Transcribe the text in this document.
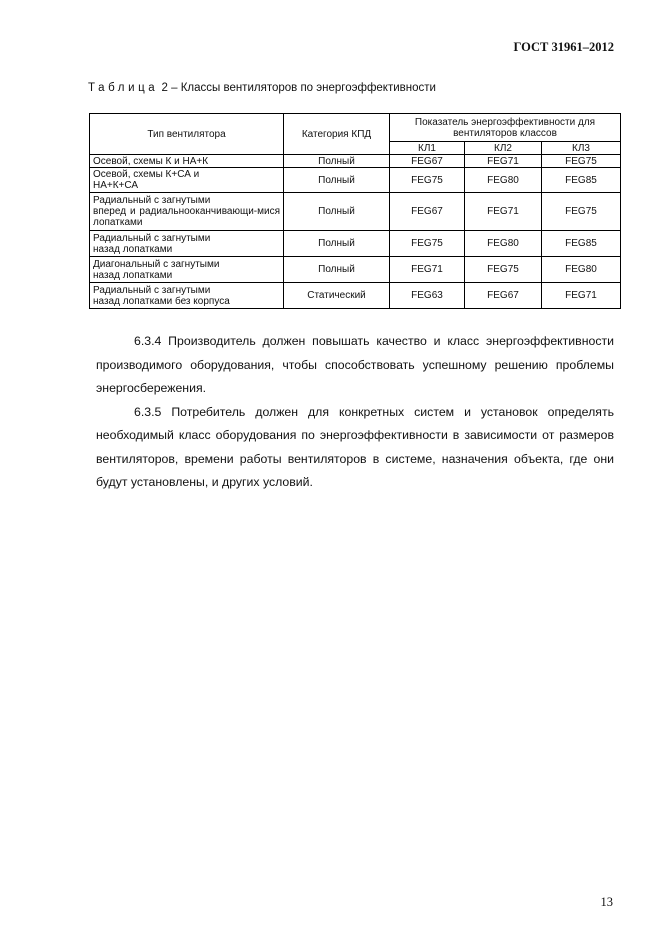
ГОСТ 31961–2012
Таблица 2 – Классы вентиляторов по энергоэффективности
Тип вентилятора	Категория КПД	Показатель энергоэффективности для вентиляторов классов		
		КЛ1	КЛ2	КЛ3

Осевой, схемы К и НА+К	Полный	FEG67	FEG71	FEG75

Осевой, схемы К+СА и
НА+К+СА	Полный	FEG75	FEG80	FEG85

Радиальный с загнутыми
вперед и радиальнооканчивающи-мися лопатками	Полный	FEG67	FEG71	FEG75

Радиальный с загнутыми
назад лопатками	Полный	FEG75	FEG80	FEG85

Диагональный с загнутыми
назад лопатками	Полный	FEG71	FEG75	FEG80

Радиальный с загнутыми
назад лопатками без корпуса	Статический	FEG63	FEG67	FEG71

6.3.4 Производитель должен повышать качество и класс энергоэффективности производимого оборудования, чтобы способствовать успешному решению проблемы энергосбережения.

6.3.5 Потребитель должен для конкретных систем и установок определять необходимый класс оборудования по энергоэффективности в зависимости от размеров вентиляторов, времени работы вентиляторов в системе, назначения объекта, где они будут установлены, и других условий.

13
